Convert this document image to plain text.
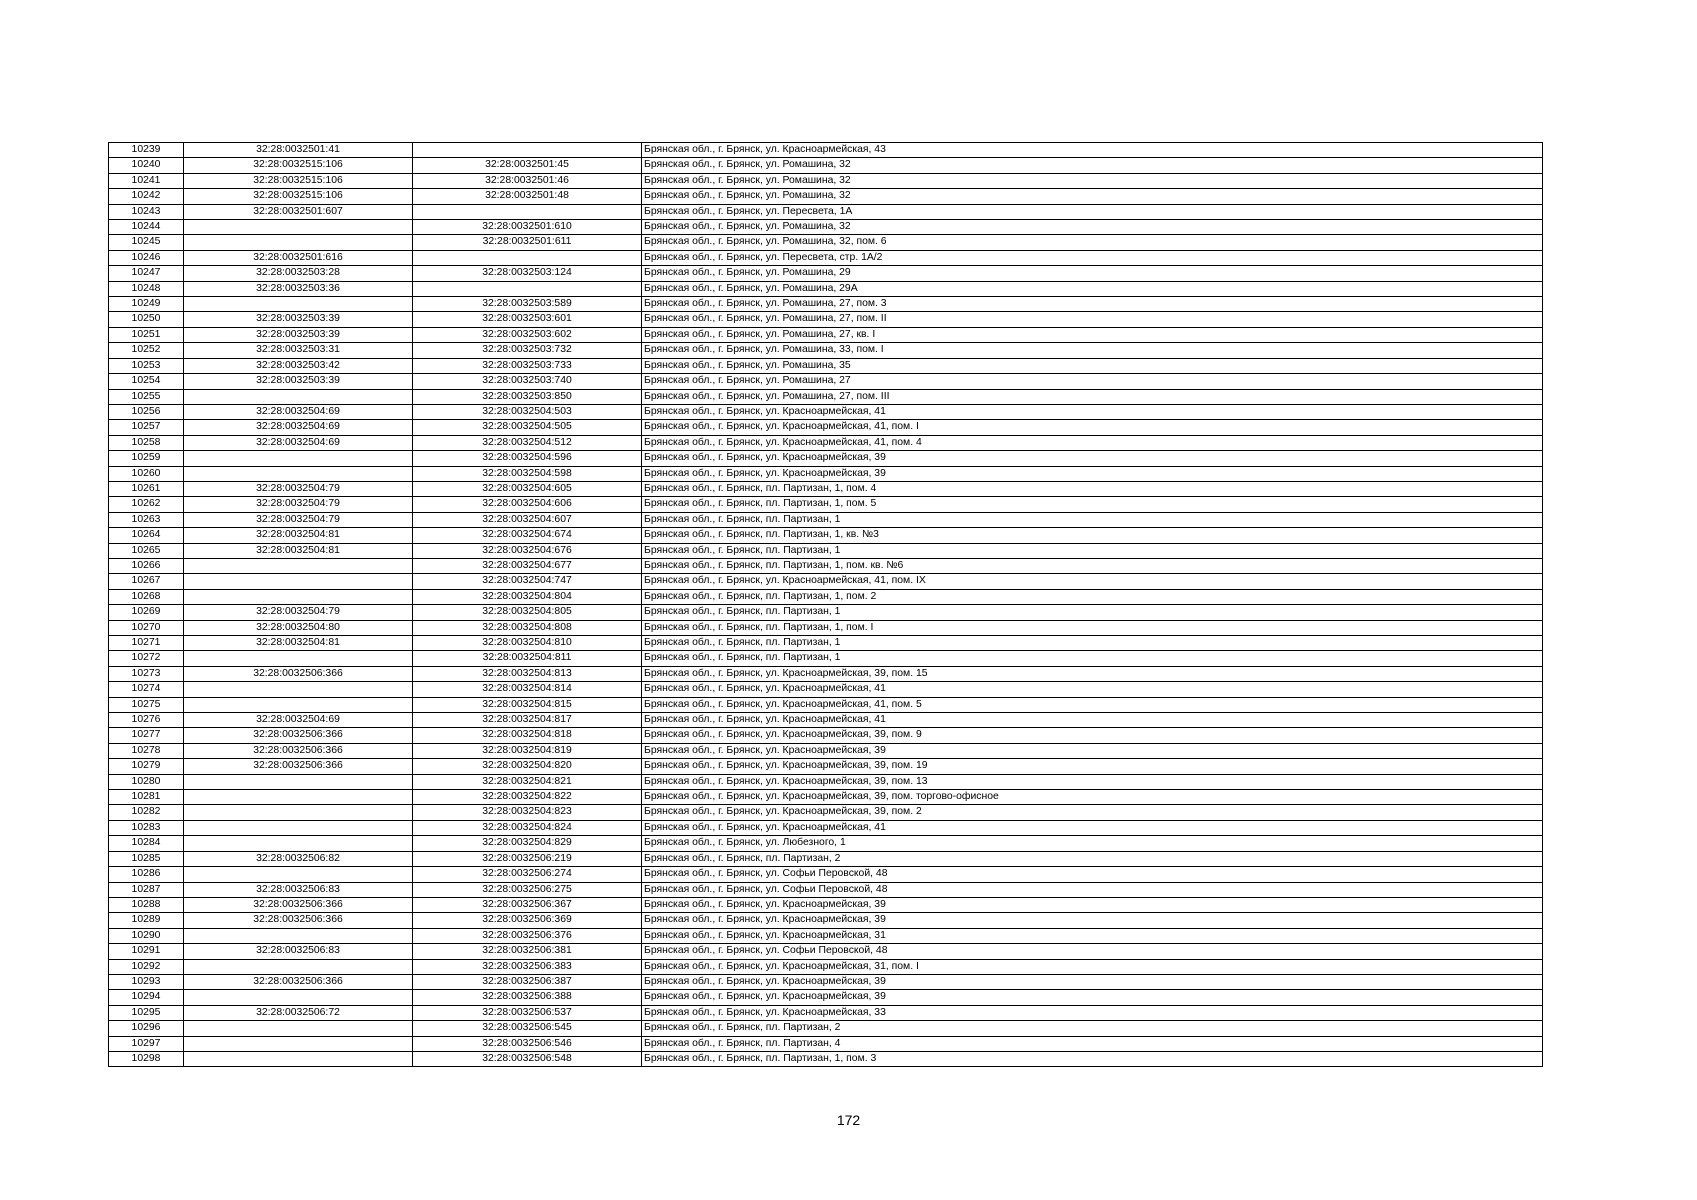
10239	32:28:0032501:41		Брянская обл., г. Брянск, ул. Красноармейская, 43
10240	32:28:0032515:106	32:28:0032501:45	Брянская обл., г. Брянск, ул. Ромашина, 32
10241	32:28:0032515:106	32:28:0032501:46	Брянская обл., г. Брянск, ул. Ромашина, 32
10242	32:28:0032515:106	32:28:0032501:48	Брянская обл., г. Брянск, ул. Ромашина, 32
10243	32:28:0032501:607		Брянская обл., г. Брянск, ул. Пересвета, 1А
10244		32:28:0032501:610	Брянская обл., г. Брянск, ул. Ромашина, 32
10245		32:28:0032501:611	Брянская обл., г. Брянск, ул. Ромашина, 32, пом. 6
10246	32:28:0032501:616		Брянская обл., г. Брянск, ул. Пересвета, стр. 1А/2
10247	32:28:0032503:28	32:28:0032503:124	Брянская обл., г. Брянск, ул. Ромашина, 29
10248	32:28:0032503:36		Брянская обл., г. Брянск, ул. Ромашина, 29А
10249		32:28:0032503:589	Брянская обл., г. Брянск, ул. Ромашина, 27, пом. 3
10250	32:28:0032503:39	32:28:0032503:601	Брянская обл., г. Брянск, ул. Ромашина, 27, пом. II
10251	32:28:0032503:39	32:28:0032503:602	Брянская обл., г. Брянск, ул. Ромашина, 27, кв. I
10252	32:28:0032503:31	32:28:0032503:732	Брянская обл., г. Брянск, ул. Ромашина, 33, пом. I
10253	32:28:0032503:42	32:28:0032503:733	Брянская обл., г. Брянск, ул. Ромашина, 35
10254	32:28:0032503:39	32:28:0032503:740	Брянская обл., г. Брянск, ул. Ромашина, 27
10255		32:28:0032503:850	Брянская обл., г. Брянск, ул. Ромашина, 27, пом. III
10256	32:28:0032504:69	32:28:0032504:503	Брянская обл., г. Брянск, ул. Красноармейская, 41
10257	32:28:0032504:69	32:28:0032504:505	Брянская обл., г. Брянск, ул. Красноармейская, 41, пом. I
10258	32:28:0032504:69	32:28:0032504:512	Брянская обл., г. Брянск, ул. Красноармейская, 41, пом. 4
10259		32:28:0032504:596	Брянская обл., г. Брянск, ул. Красноармейская, 39
10260		32:28:0032504:598	Брянская обл., г. Брянск, ул. Красноармейская, 39
10261	32:28:0032504:79	32:28:0032504:605	Брянская обл., г. Брянск, пл. Партизан, 1, пом. 4
10262	32:28:0032504:79	32:28:0032504:606	Брянская обл., г. Брянск, пл. Партизан, 1, пом. 5
10263	32:28:0032504:79	32:28:0032504:607	Брянская обл., г. Брянск, пл. Партизан, 1
10264	32:28:0032504:81	32:28:0032504:674	Брянская обл., г. Брянск, пл. Партизан, 1, кв. №3
10265	32:28:0032504:81	32:28:0032504:676	Брянская обл., г. Брянск, пл. Партизан, 1
10266		32:28:0032504:677	Брянская обл., г. Брянск, пл. Партизан, 1, пом. кв. №6
10267		32:28:0032504:747	Брянская обл., г. Брянск, ул. Красноармейская, 41, пом. IX
10268		32:28:0032504:804	Брянская обл., г. Брянск, пл. Партизан, 1, пом. 2
10269	32:28:0032504:79	32:28:0032504:805	Брянская обл., г. Брянск, пл. Партизан, 1
10270	32:28:0032504:80	32:28:0032504:808	Брянская обл., г. Брянск, пл. Партизан, 1, пом. I
10271	32:28:0032504:81	32:28:0032504:810	Брянская обл., г. Брянск, пл. Партизан, 1
10272		32:28:0032504:811	Брянская обл., г. Брянск, пл. Партизан, 1
10273	32:28:0032506:366	32:28:0032504:813	Брянская обл., г. Брянск, ул. Красноармейская, 39, пом. 15
10274		32:28:0032504:814	Брянская обл., г. Брянск, ул. Красноармейская, 41
10275		32:28:0032504:815	Брянская обл., г. Брянск, ул. Красноармейская, 41, пом. 5
10276	32:28:0032504:69	32:28:0032504:817	Брянская обл., г. Брянск, ул. Красноармейская, 41
10277	32:28:0032506:366	32:28:0032504:818	Брянская обл., г. Брянск, ул. Красноармейская, 39, пом. 9
10278	32:28:0032506:366	32:28:0032504:819	Брянская обл., г. Брянск, ул. Красноармейская, 39
10279	32:28:0032506:366	32:28:0032504:820	Брянская обл., г. Брянск, ул. Красноармейская, 39, пом. 19
10280		32:28:0032504:821	Брянская обл., г. Брянск, ул. Красноармейская, 39, пом. 13
10281		32:28:0032504:822	Брянская обл., г. Брянск, ул. Красноармейская, 39, пом. торгово-офисное
10282		32:28:0032504:823	Брянская обл., г. Брянск, ул. Красноармейская, 39, пом. 2
10283		32:28:0032504:824	Брянская обл., г. Брянск, ул. Красноармейская, 41
10284		32:28:0032504:829	Брянская обл., г. Брянск, ул. Любезного, 1
10285	32:28:0032506:82	32:28:0032506:219	Брянская обл., г. Брянск, пл. Партизан, 2
10286		32:28:0032506:274	Брянская обл., г. Брянск, ул. Софьи Перовской, 48
10287	32:28:0032506:83	32:28:0032506:275	Брянская обл., г. Брянск, ул. Софьи Перовской, 48
10288	32:28:0032506:366	32:28:0032506:367	Брянская обл., г. Брянск, ул. Красноармейская, 39
10289	32:28:0032506:366	32:28:0032506:369	Брянская обл., г. Брянск, ул. Красноармейская, 39
10290		32:28:0032506:376	Брянская обл., г. Брянск, ул. Красноармейская, 31
10291	32:28:0032506:83	32:28:0032506:381	Брянская обл., г. Брянск, ул. Софьи Перовской, 48
10292		32:28:0032506:383	Брянская обл., г. Брянск, ул. Красноармейская, 31, пом. I
10293	32:28:0032506:366	32:28:0032506:387	Брянская обл., г. Брянск, ул. Красноармейская, 39
10294		32:28:0032506:388	Брянская обл., г. Брянск, ул. Красноармейская, 39
10295	32:28:0032506:72	32:28:0032506:537	Брянская обл., г. Брянск, ул. Красноармейская, 33
10296		32:28:0032506:545	Брянская обл., г. Брянск, пл. Партизан, 2
10297		32:28:0032506:546	Брянская обл., г. Брянск, пл. Партизан, 4
10298		32:28:0032506:548	Брянская обл., г. Брянск, пл. Партизан, 1, пом. 3
172
